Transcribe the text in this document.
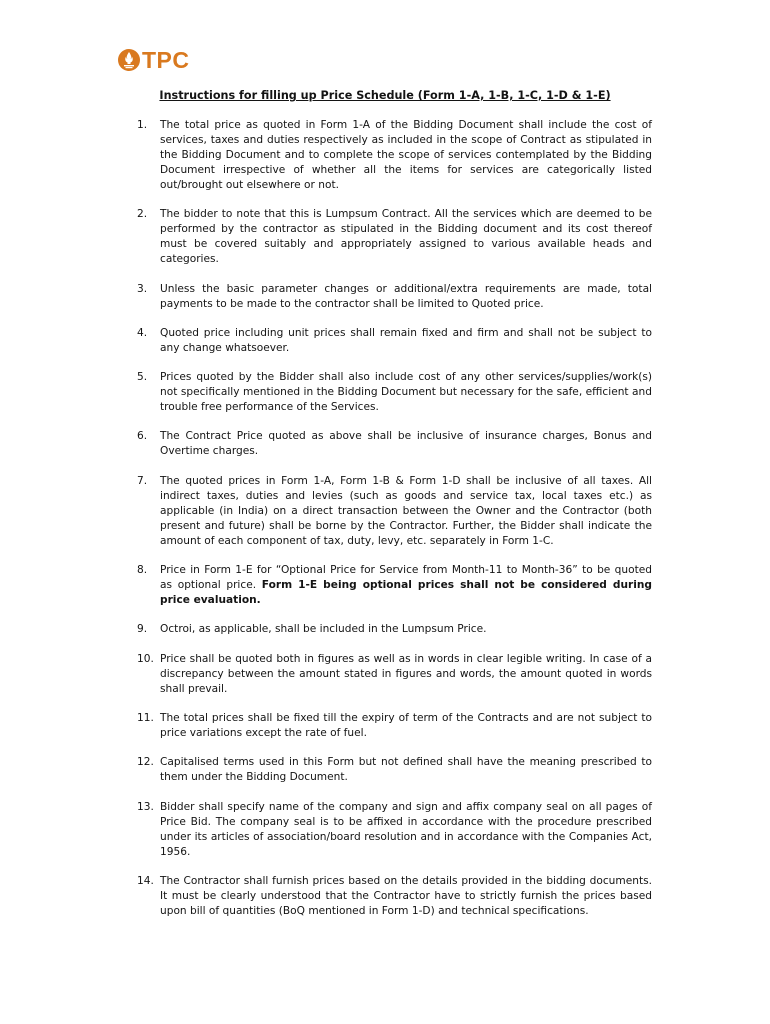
TPC
Instructions for filling up Price Schedule (Form 1-A, 1-B, 1-C, 1-D & 1-E)
1. The total price as quoted in Form 1-A of the Bidding Document shall include the cost of services, taxes and duties respectively as included in the scope of Contract as stipulated in the Bidding Document and to complete the scope of services contemplated by the Bidding Document irrespective of whether all the items for services are categorically listed out/brought out elsewhere or not.
2. The bidder to note that this is Lumpsum Contract. All the services which are deemed to be performed by the contractor as stipulated in the Bidding document and its cost thereof must be covered suitably and appropriately assigned to various available heads and categories.
3. Unless the basic parameter changes or additional/extra requirements are made, total payments to be made to the contractor shall be limited to Quoted price.
4. Quoted price including unit prices shall remain fixed and firm and shall not be subject to any change whatsoever.
5. Prices quoted by the Bidder shall also include cost of any other services/supplies/work(s) not specifically mentioned in the Bidding Document but necessary for the safe, efficient and trouble free performance of the Services.
6. The Contract Price quoted as above shall be inclusive of insurance charges, Bonus and Overtime charges.
7. The quoted prices in Form 1-A, Form 1-B & Form 1-D shall be inclusive of all taxes. All indirect taxes, duties and levies (such as goods and service tax, local taxes etc.) as applicable (in India) on a direct transaction between the Owner and the Contractor (both present and future) shall be borne by the Contractor. Further, the Bidder shall indicate the amount of each component of tax, duty, levy, etc. separately in Form 1-C.
8. Price in Form 1-E for “Optional Price for Service from Month-11 to Month-36” to be quoted as optional price. Form 1-E being optional prices shall not be considered during price evaluation.
9. Octroi, as applicable, shall be included in the Lumpsum Price.
10. Price shall be quoted both in figures as well as in words in clear legible writing. In case of a discrepancy between the amount stated in figures and words, the amount quoted in words shall prevail.
11. The total prices shall be fixed till the expiry of term of the Contracts and are not subject to price variations except the rate of fuel.
12. Capitalised terms used in this Form but not defined shall have the meaning prescribed to them under the Bidding Document.
13. Bidder shall specify name of the company and sign and affix company seal on all pages of Price Bid. The company seal is to be affixed in accordance with the procedure prescribed under its articles of association/board resolution and in accordance with the Companies Act, 1956.
14. The Contractor shall furnish prices based on the details provided in the bidding documents. It must be clearly understood that the Contractor have to strictly furnish the prices based upon bill of quantities (BoQ mentioned in Form 1-D) and technical specifications.
